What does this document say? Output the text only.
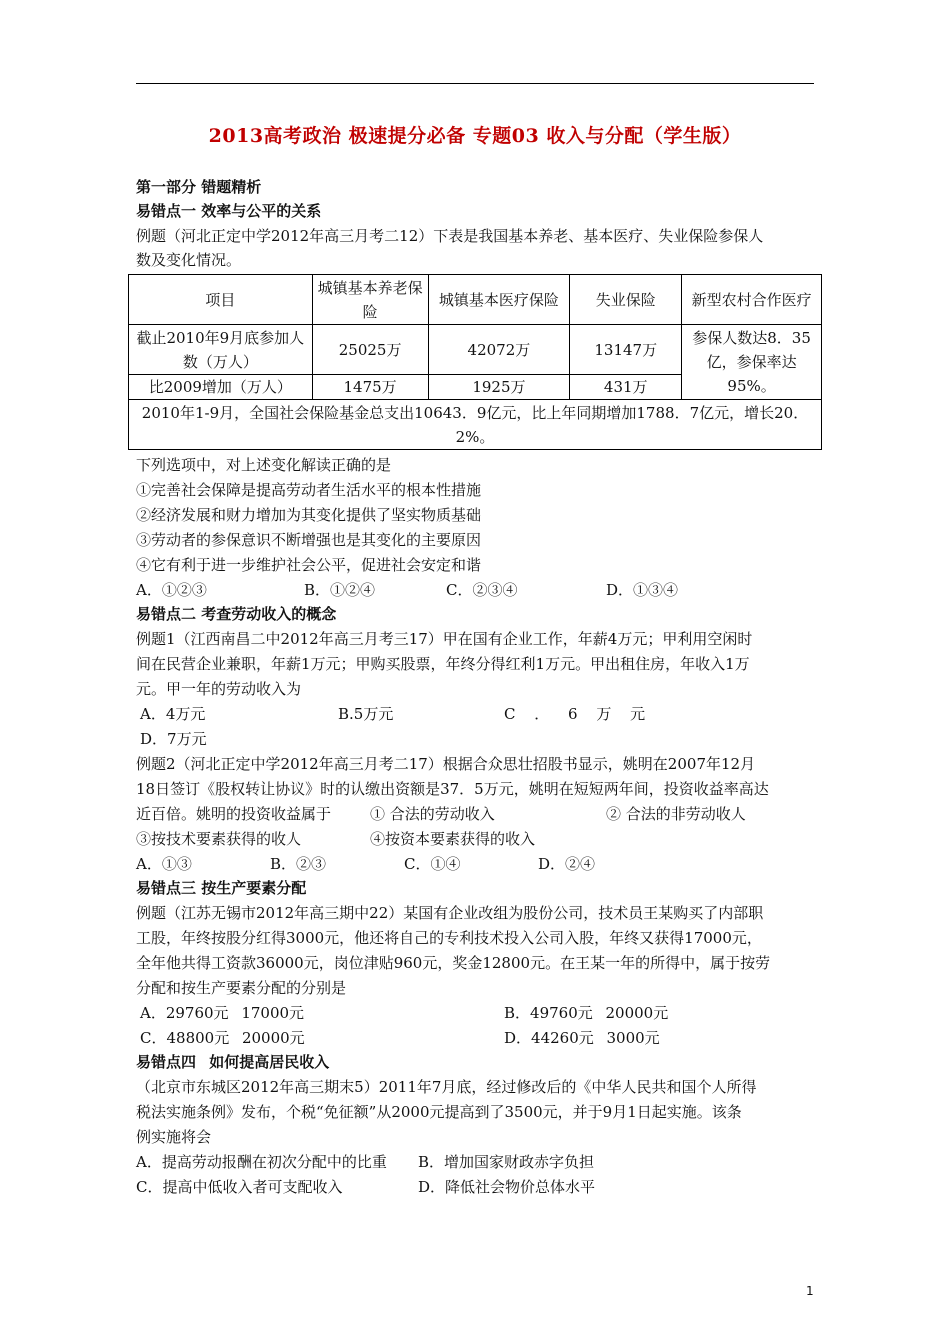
2013高考政治 极速提分必备 专题03 收入与分配（学生版）
第一部分 错题精析
易错点一 效率与公平的关系
例题（河北正定中学2012年高三月考二12）下表是我国基本养老、基本医疗、失业保险参保人
数及变化情况。
项目	城镇基本养老保险	城镇基本医疗保险	失业保险	新型农村合作医疗
截止2010年9月底参加人数（万人）	25025万	42072万	13147万	参保人数达8．35亿，参保率达95%。
比2009增加（万人）	1475万	1925万	431万	
2010年1-9月，全国社会保险基金总支出10643．9亿元，比上年同期增加1788．7亿元，增长20．2%。				
下列选项中，对上述变化解读正确的是
①完善社会保障是提高劳动者生活水平的根本性措施
②经济发展和财力增加为其变化提供了坚实物质基础
③劳动者的参保意识不断增强也是其变化的主要原因
④它有利于进一步维护社会公平，促进社会安定和谐
A．①②③	B．①②④	C．②③④	D．①③④
易错点二 考查劳动收入的概念
例题1（江西南昌二中2012年高三月考三17）甲在国有企业工作，年薪4万元；甲利用空闲时
间在民营企业兼职，年薪1万元；甲购买股票，年终分得红利1万元。甲出租住房，年收入1万
元。甲一年的劳动收入为
A．4万元	B.5万元	C ． 6 万 元
D．7万元
例题2（河北正定中学2012年高三月考二17）根据合众思壮招股书显示，姚明在2007年12月
18日签订《股权转让协议》时的认缴出资额是37．5万元，姚明在短短两年间，投资收益率高达
近百倍。姚明的投资收益属于	① 合法的劳动收入	② 合法的非劳动收人
③按技术要素获得的收人	④按资本要素获得的收入
A．①③	B．②③	C．①④	D．②④
易错点三 按生产要素分配
例题（江苏无锡市2012年高三期中22）某国有企业改组为股份公司，技术员王某购买了内部职
工股，年终按股分红得3000元，他还将自己的专利技术投入公司入股，年终又获得17000元，
全年他共得工资款36000元，岗位津贴960元，奖金12800元。在王某一年的所得中，属于按劳
分配和按生产要素分配的分别是
A．29760元 17000元	B．49760元 20000元
C．48800元 20000元	D．44260元 3000元
易错点四 如何提高居民收入
（北京市东城区2012年高三期末5）2011年7月底，经过修改后的《中华人民共和国个人所得
税法实施条例》发布，个税“免征额”从2000元提高到了3500元，并于9月1日起实施。该条
例实施将会
A．提高劳动报酬在初次分配中的比重 B．增加国家财政赤字负担
C．提高中低收入者可支配收入	D．降低社会物价总体水平
1
